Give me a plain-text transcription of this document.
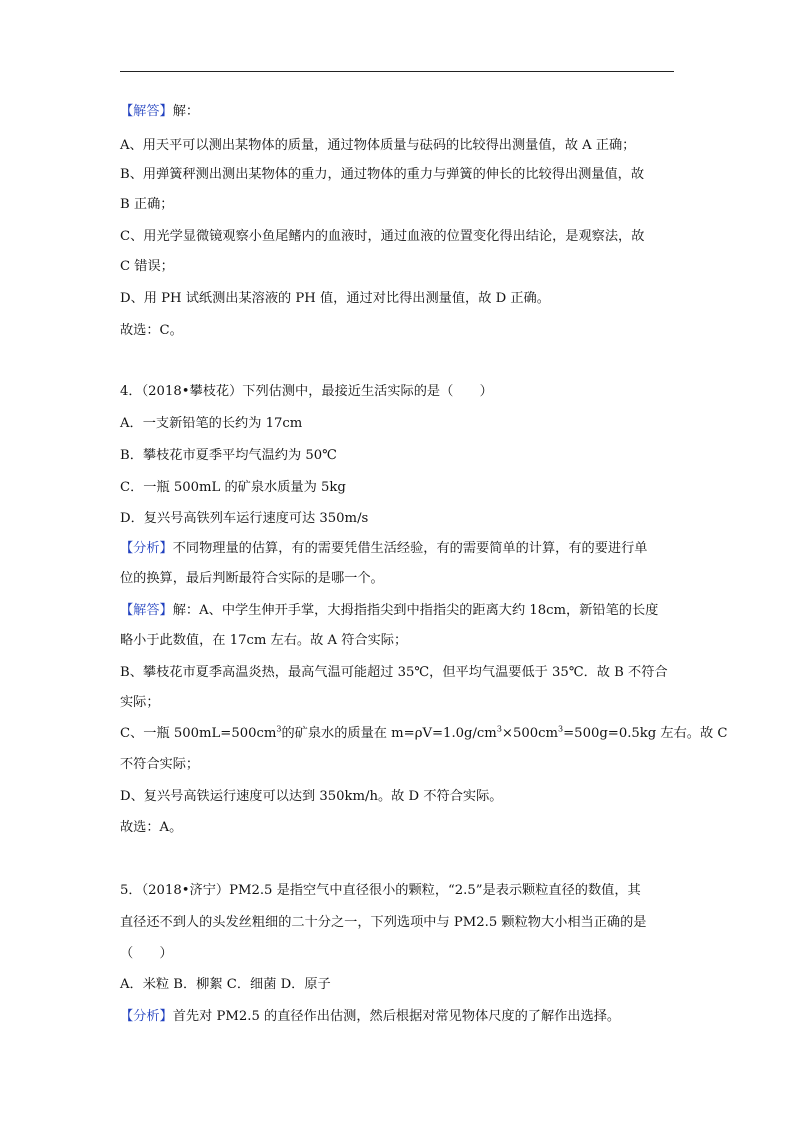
【解答】解：
A、用天平可以测出某物体的质量，通过物体质量与砝码的比较得出测量值，故 A 正确；
B、用弹簧秤测出测出某物体的重力，通过物体的重力与弹簧的伸长的比较得出测量值，故
B 正确；
C、用光学显微镜观察小鱼尾鳍内的血液时，通过血液的位置变化得出结论，是观察法，故
C 错误；
D、用 PH 试纸测出某溶液的 PH 值，通过对比得出测量值，故 D 正确。
故选：C。
4．（2018•攀枝花）下列估测中，最接近生活实际的是（　　）
A．一支新铅笔的长约为 17cm
B．攀枝花市夏季平均气温约为 50℃
C．一瓶 500mL 的矿泉水质量为 5kg
D．复兴号高铁列车运行速度可达 350m/s
【分析】不同物理量的估算，有的需要凭借生活经验，有的需要简单的计算，有的要进行单
位的换算，最后判断最符合实际的是哪一个。
【解答】解：A、中学生伸开手掌，大拇指指尖到中指指尖的距离大约 18cm，新铅笔的长度
略小于此数值，在 17cm 左右。故 A 符合实际；
B、攀枝花市夏季高温炎热，最高气温可能超过 35℃，但平均气温要低于 35℃．故 B 不符合
实际；
C、一瓶 $500mL=500cm^3$的矿泉水的质量在 $m=\rho V=1.0g/cm^3\times 500cm^3=500g=0.5kg$ 左右。故 C
不符合实际；
D、复兴号高铁运行速度可以达到 350km/h。故 D 不符合实际。
故选：A。
5．（2018•济宁）PM2.5 是指空气中直径很小的颗粒，“2.5”是表示颗粒直径的数值，其
直径还不到人的头发丝粗细的二十分之一，下列选项中与 PM2.5 颗粒物大小相当正确的是
（　　）
A．米粒 B．柳絮 C．细菌 D．原子
【分析】首先对 PM2.5 的直径作出估测，然后根据对常见物体尺度的了解作出选择。
